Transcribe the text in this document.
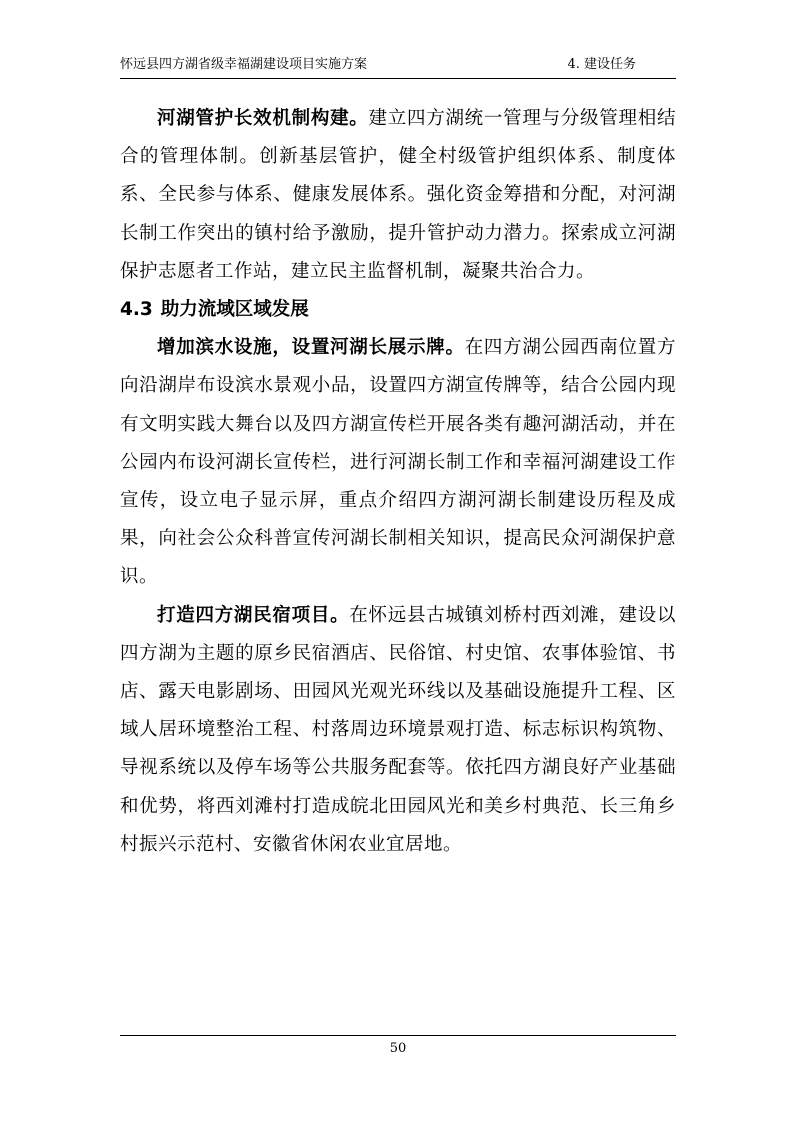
怀远县四方湖省级幸福湖建设项目实施方案	4. 建设任务

河湖管护长效机制构建。建立四方湖统一管理与分级管理相结合的管理体制。创新基层管护，健全村级管护组织体系、制度体系、全民参与体系、健康发展体系。强化资金筹措和分配，对河湖长制工作突出的镇村给予激励，提升管护动力潜力。探索成立河湖保护志愿者工作站，建立民主监督机制，凝聚共治合力。

4.3 助力流域区域发展

增加滨水设施，设置河湖长展示牌。在四方湖公园西南位置方向沿湖岸布设滨水景观小品，设置四方湖宣传牌等，结合公园内现有文明实践大舞台以及四方湖宣传栏开展各类有趣河湖活动，并在公园内布设河湖长宣传栏，进行河湖长制工作和幸福河湖建设工作宣传，设立电子显示屏，重点介绍四方湖河湖长制建设历程及成果，向社会公众科普宣传河湖长制相关知识，提高民众河湖保护意识。

打造四方湖民宿项目。在怀远县古城镇刘桥村西刘滩，建设以四方湖为主题的原乡民宿酒店、民俗馆、村史馆、农事体验馆、书店、露天电影剧场、田园风光观光环线以及基础设施提升工程、区域人居环境整治工程、村落周边环境景观打造、标志标识构筑物、导视系统以及停车场等公共服务配套等。依托四方湖良好产业基础和优势，将西刘滩村打造成皖北田园风光和美乡村典范、长三角乡村振兴示范村、安徽省休闲农业宜居地。

50
